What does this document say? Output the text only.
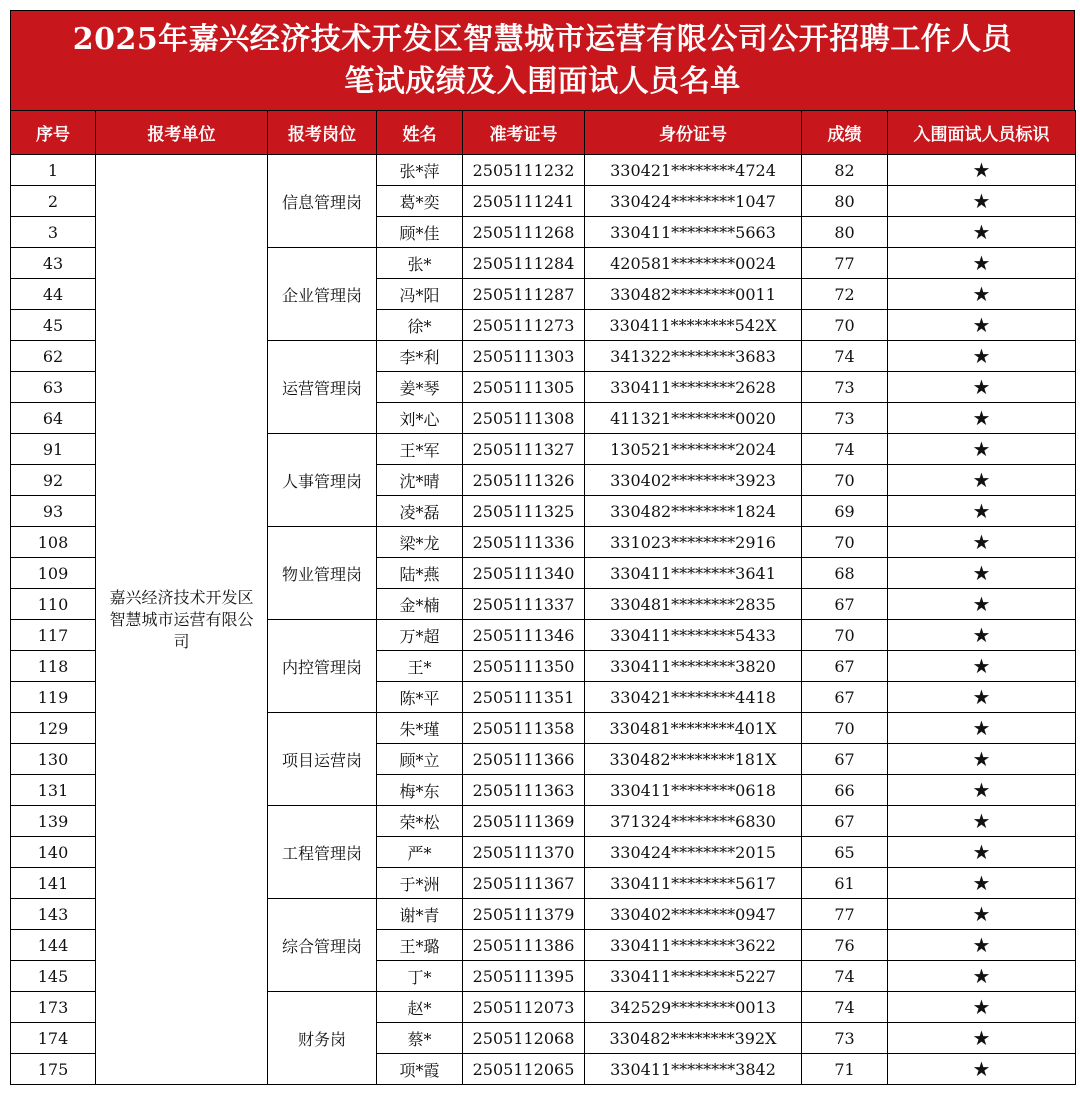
2025年嘉兴经济技术开发区智慧城市运营有限公司公开招聘工作人员
笔试成绩及入围面试人员名单
序号	报考单位	报考岗位	姓名	准考证号	身份证号	成绩	入围面试人员标识
1	嘉兴经济技术开发区智慧城市运营有限公司	信息管理岗	张*萍	2505111232	330421********4724	82	★
2			葛*奕	2505111241	330424********1047	80	★
3			顾*佳	2505111268	330411********5663	80	★
43		企业管理岗	张*	2505111284	420581********0024	77	★
44			冯*阳	2505111287	330482********0011	72	★
45			徐*	2505111273	330411********542X	70	★
62		运营管理岗	李*利	2505111303	341322********3683	74	★
63			姜*琴	2505111305	330411********2628	73	★
64			刘*心	2505111308	411321********0020	73	★
91		人事管理岗	王*军	2505111327	130521********2024	74	★
92			沈*晴	2505111326	330402********3923	70	★
93			凌*磊	2505111325	330482********1824	69	★
108		物业管理岗	梁*龙	2505111336	331023********2916	70	★
109			陆*燕	2505111340	330411********3641	68	★
110			金*楠	2505111337	330481********2835	67	★
117		内控管理岗	万*超	2505111346	330411********5433	70	★
118			王*	2505111350	330411********3820	67	★
119			陈*平	2505111351	330421********4418	67	★
129		项目运营岗	朱*瑾	2505111358	330481********401X	70	★
130			顾*立	2505111366	330482********181X	67	★
131			梅*东	2505111363	330411********0618	66	★
139		工程管理岗	荣*松	2505111369	371324********6830	67	★
140			严*	2505111370	330424********2015	65	★
141			于*洲	2505111367	330411********5617	61	★
143		综合管理岗	谢*青	2505111379	330402********0947	77	★
144			王*璐	2505111386	330411********3622	76	★
145			丁*	2505111395	330411********5227	74	★
173		财务岗	赵*	2505112073	342529********0013	74	★
174			蔡*	2505112068	330482********392X	73	★
175			项*霞	2505112065	330411********3842	71	★
